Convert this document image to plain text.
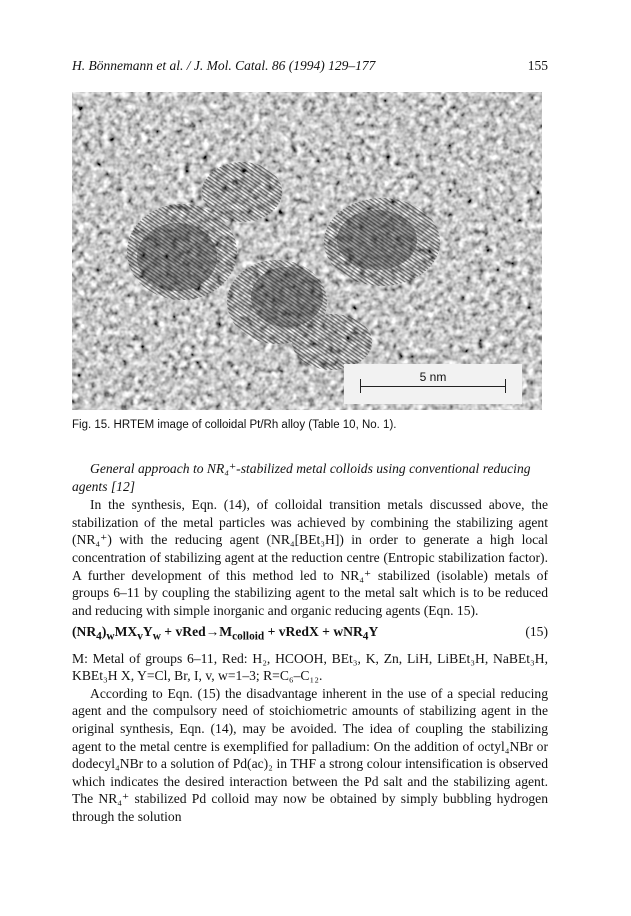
H. Bönnemann et al. / J. Mol. Catal. 86 (1994) 129–177	155
5 nm
Fig. 15. HRTEM image of colloidal Pt/Rh alloy (Table 10, No. 1).

General approach to NR₄⁺-stabilized metal colloids using conventional reducing agents [12]

In the synthesis, Eqn. (14), of colloidal transition metals discussed above, the stabilization of the metal particles was achieved by combining the stabilizing agent (NR₄⁺) with the reducing agent (NR₄[BEt₃H]) in order to generate a high local concentration of stabilizing agent at the reduction centre (Entropic stabilization factor). A further development of this method led to NR₄⁺ stabilized (isolable) metals of groups 6–11 by coupling the stabilizing agent to the metal salt which is to be reduced and reducing with simple inorganic and organic reducing agents (Eqn. 15).

$(NR_4)_wMX_vY_w$ + $vRed\to M_{colloid}$ + vRedX + wNR$_4$Y	(15)

M: Metal of groups 6–11, Red: H₂, HCOOH, BEt₃, K, Zn, LiH, LiBEt₃H, NaBEt₃H, KBEt₃H X, Y=Cl, Br, I, v, w=1–3; R=C₆–C₁₂.

According to Eqn. (15) the disadvantage inherent in the use of a special reducing agent and the compulsory need of stoichiometric amounts of stabilizing agent in the original synthesis, Eqn. (14), may be avoided. The idea of coupling the stabilizing agent to the metal centre is exemplified for palladium: On the addition of octyl₄NBr or dodecyl₄NBr to a solution of Pd(ac)₂ in THF a strong colour intensification is observed which indicates the desired interaction between the Pd salt and the stabilizing agent. The NR₄⁺ stabilized Pd colloid may now be obtained by simply bubbling hydrogen through the solution
